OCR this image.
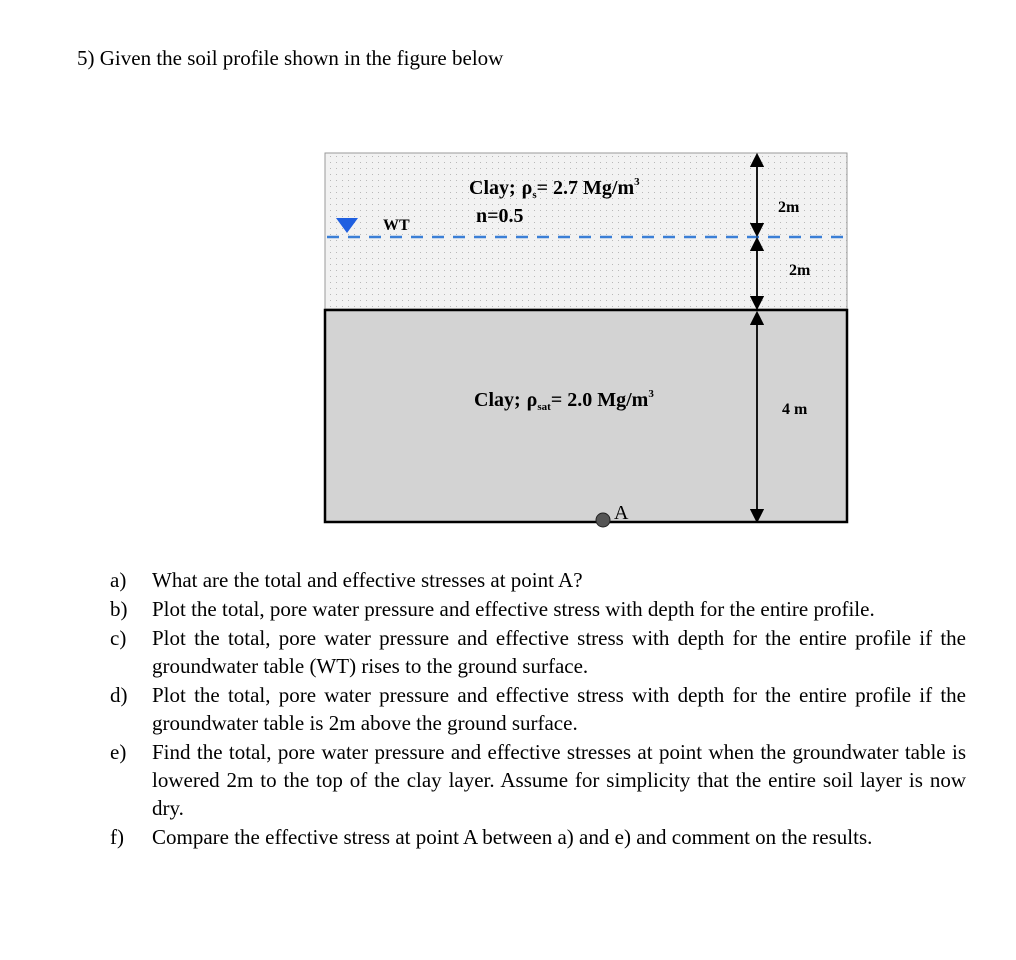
5) Given the soil profile shown in the figure below
WT
Clay; $\rho_s= 2.7$ $Mg/m^3$
n=0.5
Clay; $\rho_{sat}= 2.0$ $Mg/m^3$
2m
2m
4 m
A
a) What are the total and effective stresses at point A?
b) Plot the total, pore water pressure and effective stress with depth for the entire profile.
c) Plot the total, pore water pressure and effective stress with depth for the entire profile if the groundwater table (WT) rises to the ground surface.
d) Plot the total, pore water pressure and effective stress with depth for the entire profile if the groundwater table is 2m above the ground surface.
e) Find the total, pore water pressure and effective stresses at point when the groundwater table is lowered 2m to the top of the clay layer. Assume for simplicity that the entire soil layer is now dry.
f) Compare the effective stress at point A between a) and e) and comment on the results.
